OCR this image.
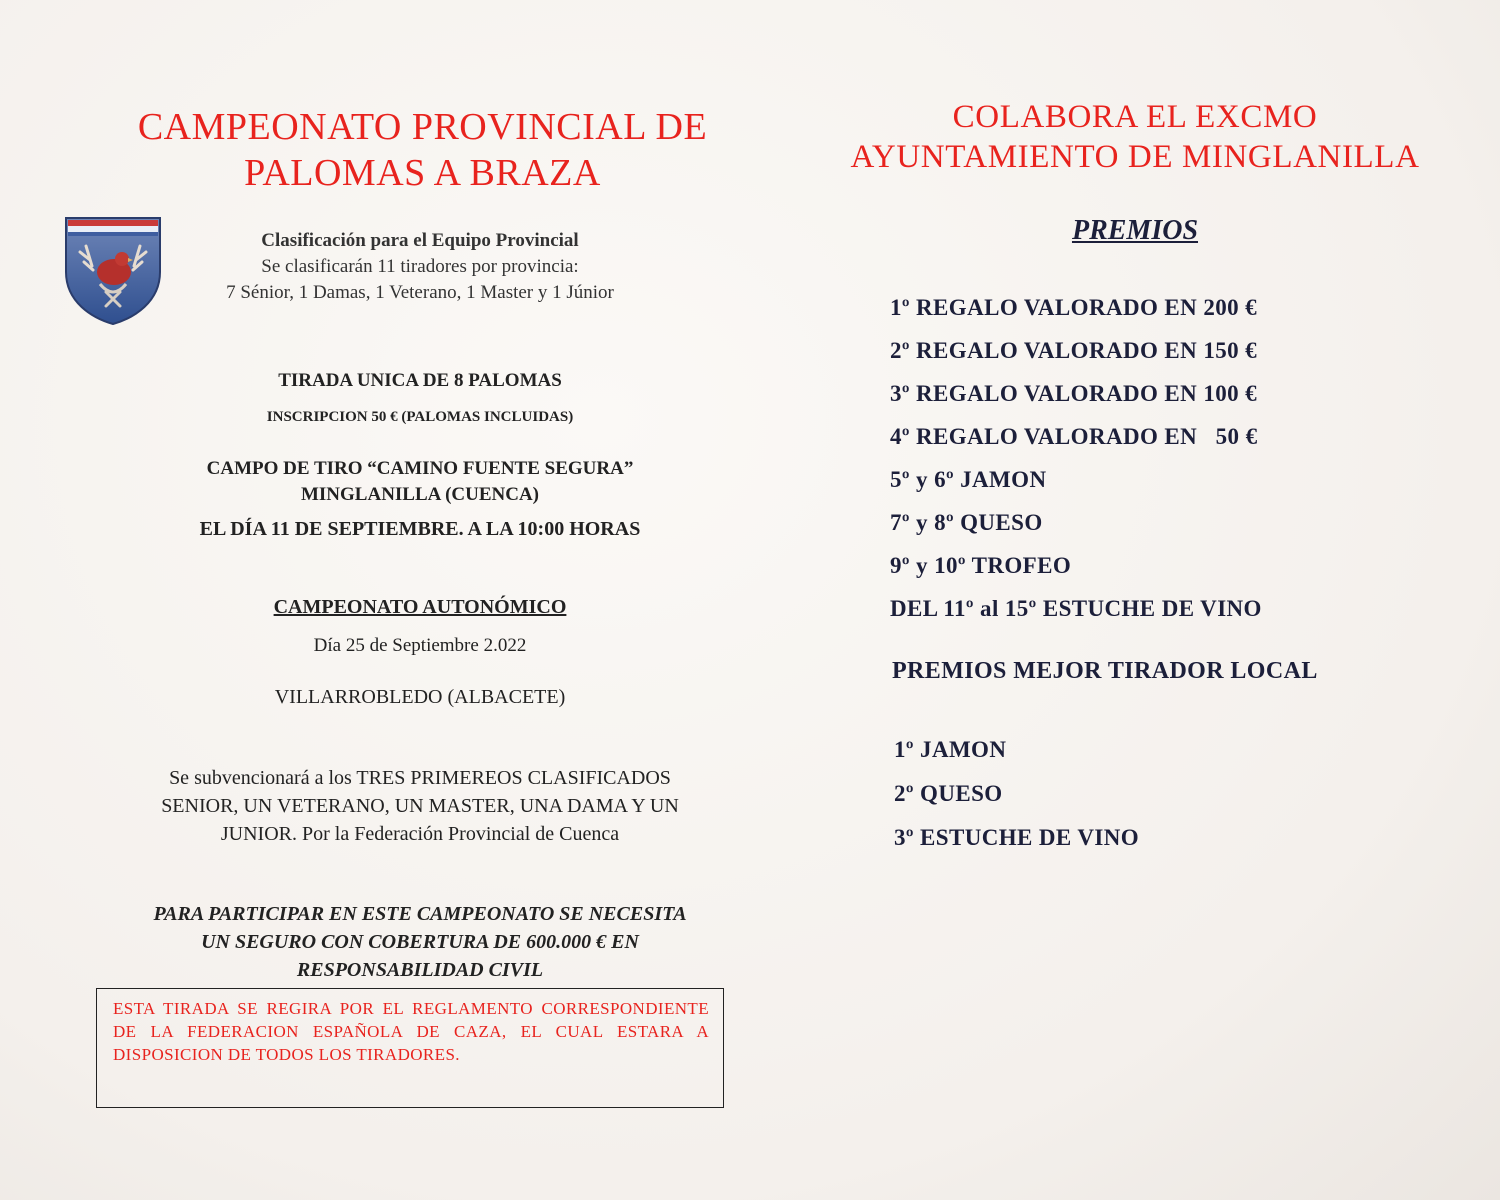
CAMPEONATO PROVINCIAL DE
PALOMAS A BRAZA
Clasificación para el Equipo Provincial
Se clasificarán 11 tiradores por provincia:
7 Sénior, 1 Damas, 1 Veterano, 1 Master y 1 Júnior
TIRADA UNICA DE 8 PALOMAS
INSCRIPCION 50 € (PALOMAS INCLUIDAS)
CAMPO DE TIRO “CAMINO FUENTE SEGURA”
MINGLANILLA (CUENCA)
EL DÍA 11 DE SEPTIEMBRE. A LA 10:00 HORAS
CAMPEONATO AUTONÓMICO
Día 25 de Septiembre 2.022
VILLARROBLEDO (ALBACETE)
Se subvencionará a los TRES PRIMEREOS CLASIFICADOS
SENIOR, UN VETERANO, UN MASTER, UNA DAMA Y UN
JUNIOR. Por la Federación Provincial de Cuenca
PARA PARTICIPAR EN ESTE CAMPEONATO SE NECESITA
UN SEGURO CON COBERTURA DE 600.000 € EN
RESPONSABILIDAD CIVIL
ESTA TIRADA SE REGIRA POR EL REGLAMENTO CORRESPONDIENTE DE LA FEDERACION ESPAÑOLA DE CAZA, EL CUAL ESTARA A DISPOSICION DE TODOS LOS TIRADORES.
COLABORA EL EXCMO
AYUNTAMIENTO DE MINGLANILLA
PREMIOS
1º REGALO VALORADO EN 200 €
2º REGALO VALORADO EN 150 €
3º REGALO VALORADO EN 100 €
4º REGALO VALORADO EN   50 €
5º y 6º JAMON
7º y 8º QUESO
9º y 10º TROFEO
DEL 11º al 15º ESTUCHE DE VINO
PREMIOS MEJOR TIRADOR LOCAL
1º JAMON
2º QUESO
3º ESTUCHE DE VINO
